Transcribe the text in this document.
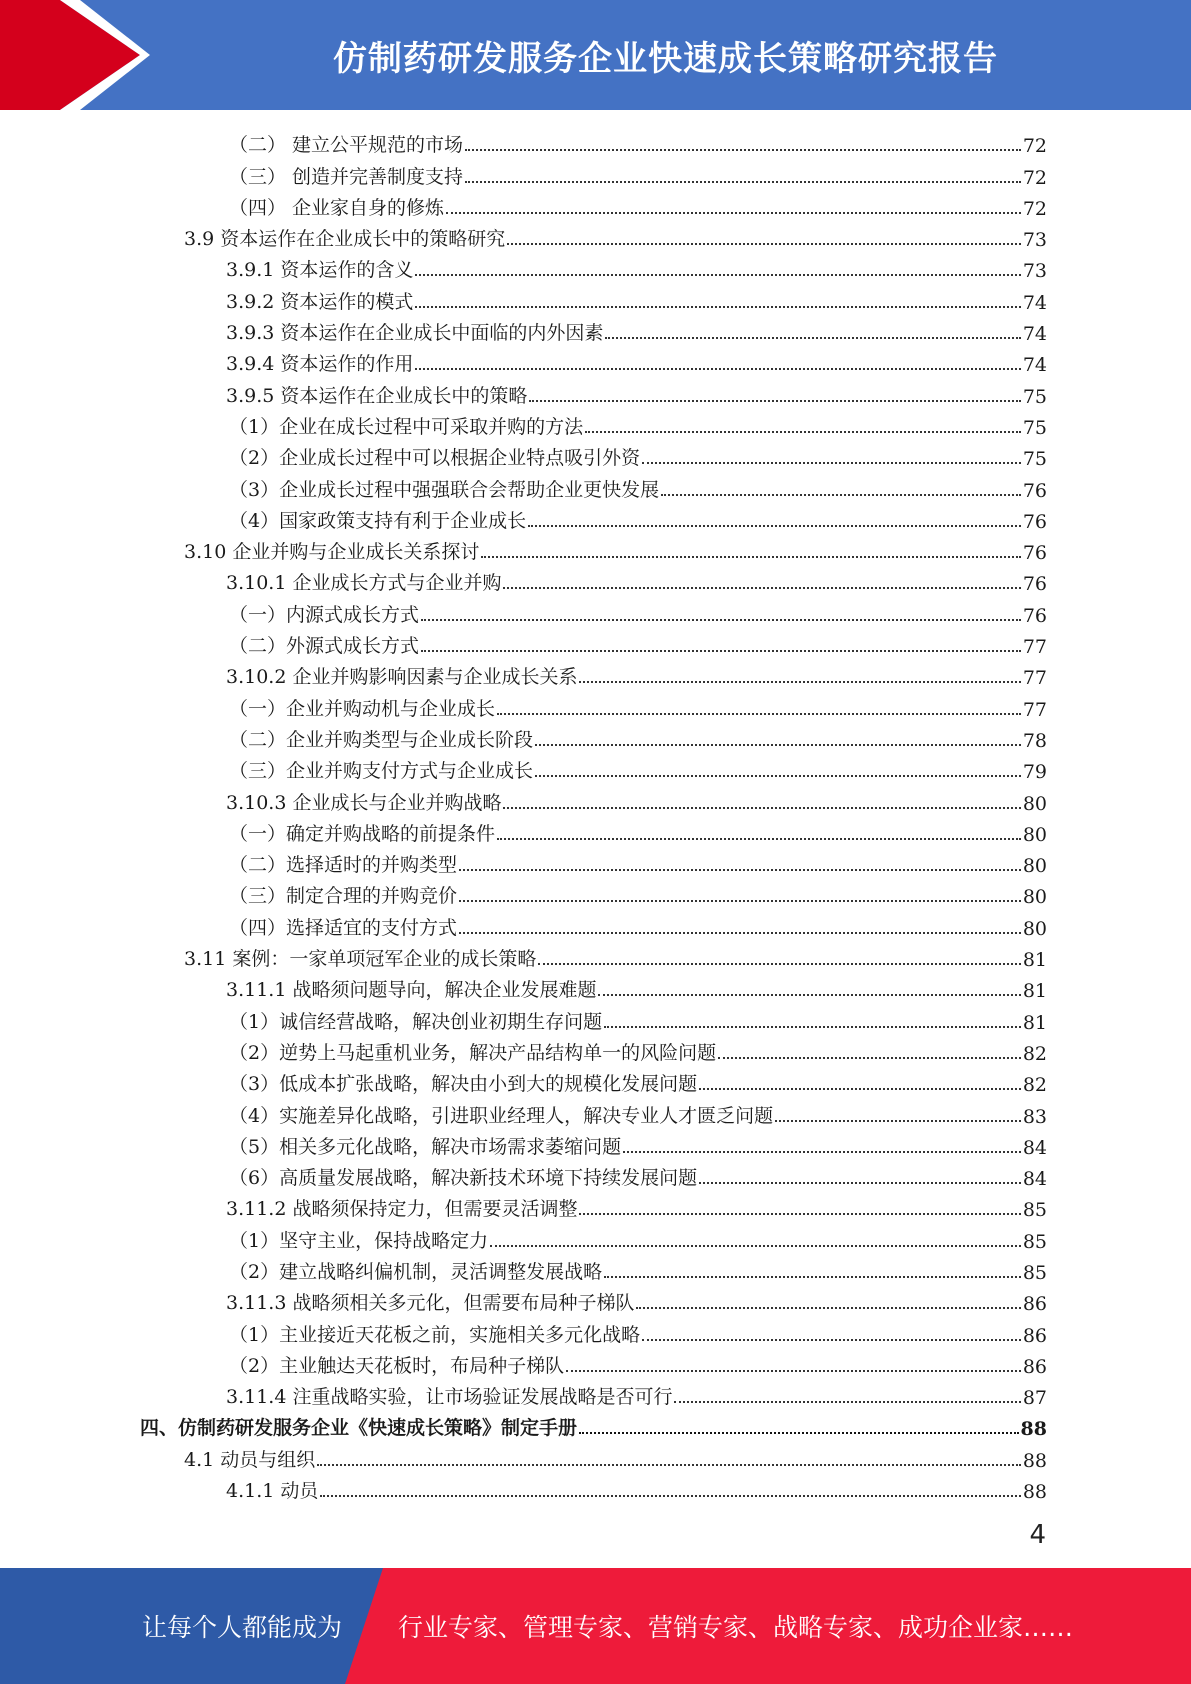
仿制药研发服务企业快速成长策略研究报告
（二） 建立公平规范的市场	72
（三） 创造并完善制度支持	72
（四） 企业家自身的修炼	72
3.9 资本运作在企业成长中的策略研究	73
3.9.1 资本运作的含义	73
3.9.2 资本运作的模式	74
3.9.3 资本运作在企业成长中面临的内外因素	74
3.9.4 资本运作的作用	74
3.9.5 资本运作在企业成长中的策略	75
（1）企业在成长过程中可采取并购的方法	75
（2）企业成长过程中可以根据企业特点吸引外资	75
（3）企业成长过程中强强联合会帮助企业更快发展	76
（4）国家政策支持有利于企业成长	76
3.10 企业并购与企业成长关系探讨	76
3.10.1 企业成长方式与企业并购	76
（一）内源式成长方式	76
（二）外源式成长方式	77
3.10.2 企业并购影响因素与企业成长关系	77
（一）企业并购动机与企业成长	77
（二）企业并购类型与企业成长阶段	78
（三）企业并购支付方式与企业成长	79
3.10.3 企业成长与企业并购战略	80
（一）确定并购战略的前提条件	80
（二）选择适时的并购类型	80
（三）制定合理的并购竞价	80
（四）选择适宜的支付方式	80
3.11 案例：一家单项冠军企业的成长策略	81
3.11.1 战略须问题导向，解决企业发展难题	81
（1）诚信经营战略，解决创业初期生存问题	81
（2）逆势上马起重机业务，解决产品结构单一的风险问题	82
（3）低成本扩张战略，解决由小到大的规模化发展问题	82
（4）实施差异化战略，引进职业经理人，解决专业人才匮乏问题	83
（5）相关多元化战略，解决市场需求萎缩问题	84
（6）高质量发展战略，解决新技术环境下持续发展问题	84
3.11.2 战略须保持定力，但需要灵活调整	85
（1）坚守主业，保持战略定力	85
（2）建立战略纠偏机制，灵活调整发展战略	85
3.11.3 战略须相关多元化，但需要布局种子梯队	86
（1）主业接近天花板之前，实施相关多元化战略	86
（2）主业触达天花板时，布局种子梯队	86
3.11.4 注重战略实验，让市场验证发展战略是否可行	87
四、仿制药研发服务企业《快速成长策略》制定手册	88
4.1 动员与组织	88
4.1.1 动员	88
4
让每个人都能成为 行业专家、管理专家、营销专家、战略专家、成功企业家……
